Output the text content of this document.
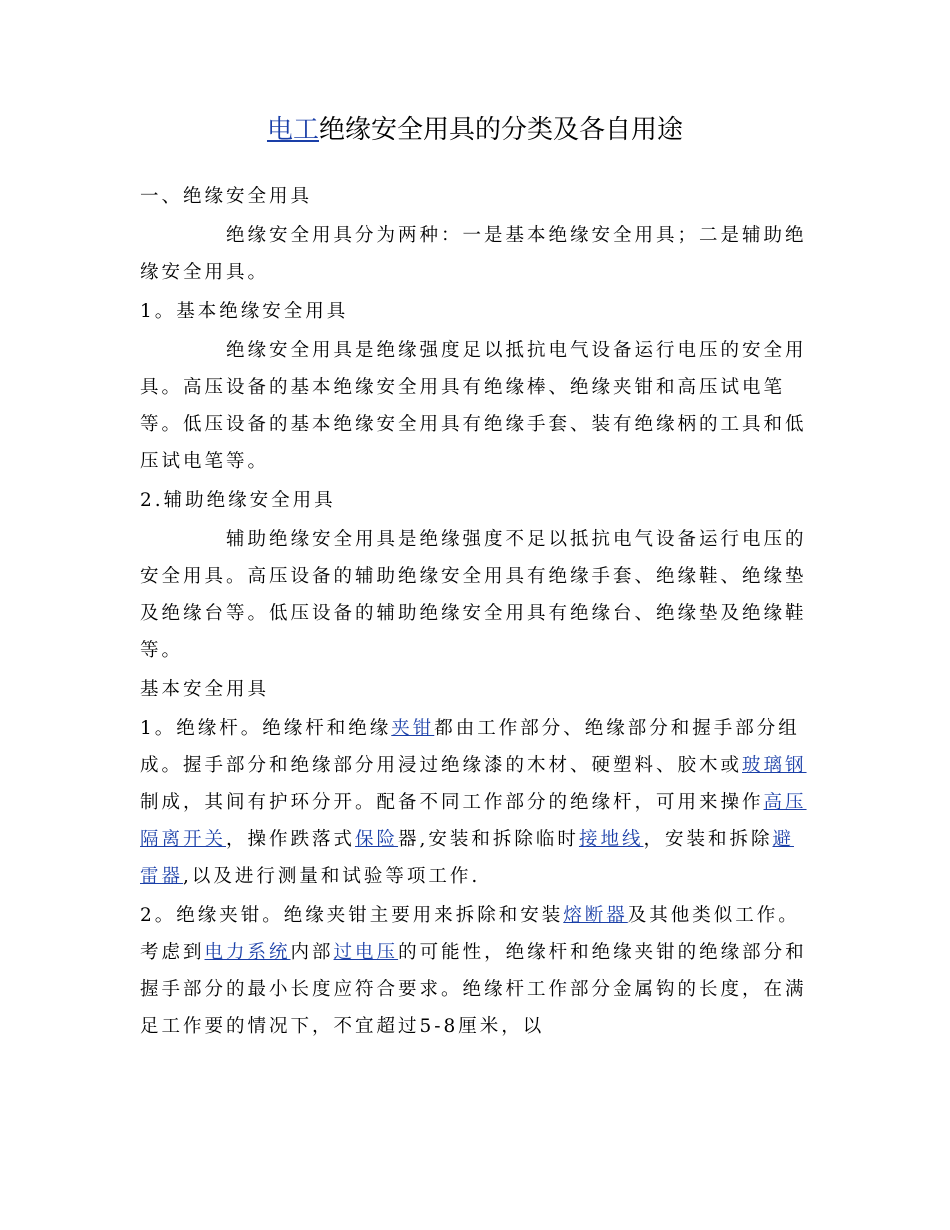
电工绝缘安全用具的分类及各自用途

一、绝缘安全用具

绝缘安全用具分为两种：一是基本绝缘安全用具；二是辅助绝缘安全用具。

1。基本绝缘安全用具

绝缘安全用具是绝缘强度足以抵抗电气设备运行电压的安全用具。高压设备的基本绝缘安全用具有绝缘棒、绝缘夹钳和高压试电笔等。低压设备的基本绝缘安全用具有绝缘手套、装有绝缘柄的工具和低压试电笔等。

2.辅助绝缘安全用具

辅助绝缘安全用具是绝缘强度不足以抵抗电气设备运行电压的安全用具。高压设备的辅助绝缘安全用具有绝缘手套、绝缘鞋、绝缘垫及绝缘台等。低压设备的辅助绝缘安全用具有绝缘台、绝缘垫及绝缘鞋等。

基本安全用具

1。绝缘杆。绝缘杆和绝缘夹钳都由工作部分、绝缘部分和握手部分组成。握手部分和绝缘部分用浸过绝缘漆的木材、硬塑料、胶木或玻璃钢制成，其间有护环分开。配备不同工作部分的绝缘杆，可用来操作高压隔离开关，操作跌落式保险器,安装和拆除临时接地线，安装和拆除避雷器,以及进行测量和试验等项工作.

2。绝缘夹钳。绝缘夹钳主要用来拆除和安装熔断器及其他类似工作。考虑到电力系统内部过电压的可能性，绝缘杆和绝缘夹钳的绝缘部分和握手部分的最小长度应符合要求。绝缘杆工作部分金属钩的长度，在满足工作要的情况下，不宜超过5-8厘米，以
